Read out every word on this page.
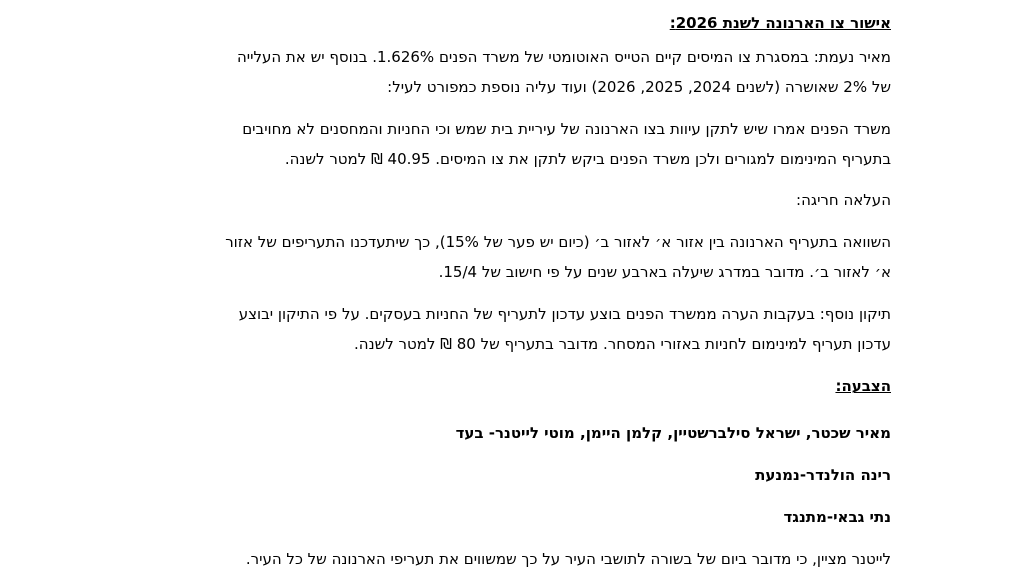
אישור צו הארנונה לשנת 2026:
מאיר נעמת: במסגרת צו המיסים קיים הטייס האוטומטי של משרד הפנים 1.626%. בנוסף יש את העלייה
של 2% שאושרה (לשנים 2024, 2025, 2026) ועוד עליה נוספת כמפורט לעיל:
משרד הפנים אמרו שיש לתקן עיוות בצו הארנונה של עיריית בית שמש וכי החניות והמחסנים לא מחויבים
בתעריף המינימום למגורים ולכן משרד הפנים ביקש לתקן את צו המיסים. 40.95 ₪ למטר לשנה.
העלאה חריגה:
השוואה בתעריף הארנונה בין אזור א׳ לאזור ב׳ (כיום יש פער של 15%), כך שיתעדכנו התעריפים של אזור
א׳ לאזור ב׳. מדובר במדרג שיעלה בארבע שנים על פי חישוב של 15/4.
תיקון נוסף: בעקבות הערה ממשרד הפנים בוצע עדכון לתעריף של החניות בעסקים. על פי התיקון יבוצע
עדכון תעריף למינימום לחניות באזורי המסחר. מדובר בתעריף של 80 ₪ למטר לשנה.
הצבעה:
מאיר שכטר, ישראל סילברשטיין, קלמן היימן, מוטי לייטנר- בעד
רינה הולנדר-נמנעת
נתי גבאי-מתנגד
לייטנר מציין, כי מדובר ביום של בשורה לתושבי העיר על כך שמשווים את תעריפי הארנונה של כל העיר.
